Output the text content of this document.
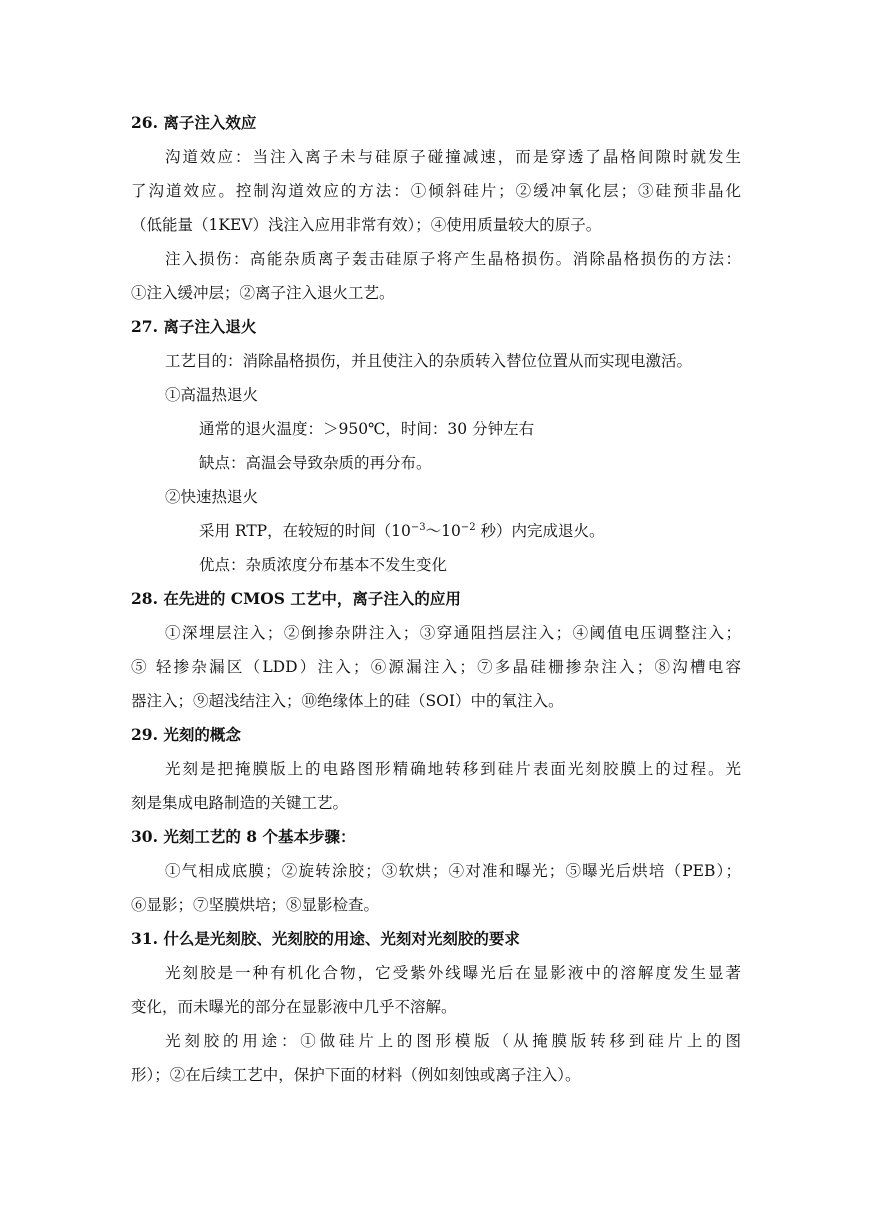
26. 离子注入效应
沟道效应：当注入离子未与硅原子碰撞减速，而是穿透了晶格间隙时就发生
了沟道效应。控制沟道效应的方法：①倾斜硅片；②缓冲氧化层；③硅预非晶化
（低能量（1KEV）浅注入应用非常有效）；④使用质量较大的原子。
注入损伤：高能杂质离子轰击硅原子将产生晶格损伤。消除晶格损伤的方法：
①注入缓冲层；②离子注入退火工艺。
27. 离子注入退火
工艺目的：消除晶格损伤，并且使注入的杂质转入替位位置从而实现电激活。
①高温热退火
通常的退火温度：＞950℃，时间：30 分钟左右
缺点：高温会导致杂质的再分布。
②快速热退火
采用 RTP，在较短的时间（$10^{-3}\sim 10^{-2}$ 秒）内完成退火。
优点：杂质浓度分布基本不发生变化
28. 在先进的 CMOS 工艺中，离子注入的应用
①深埋层注入；②倒掺杂阱注入；③穿通阻挡层注入；④阈值电压调整注入；
⑤ 轻掺杂漏区（LDD）注入；⑥源漏注入；⑦多晶硅栅掺杂注入；⑧沟槽电容
器注入；⑨超浅结注入；⑩绝缘体上的硅（SOI）中的氧注入。
29. 光刻的概念
光刻是把掩膜版上的电路图形精确地转移到硅片表面光刻胶膜上的过程。光
刻是集成电路制造的关键工艺。
30. 光刻工艺的 8 个基本步骤：
①气相成底膜；②旋转涂胶；③软烘；④对准和曝光；⑤曝光后烘培（PEB）；
⑥显影；⑦坚膜烘培；⑧显影检查。
31. 什么是光刻胶、光刻胶的用途、光刻对光刻胶的要求
光刻胶是一种有机化合物，它受紫外线曝光后在显影液中的溶解度发生显著
变化，而未曝光的部分在显影液中几乎不溶解。
光刻胶的用途：①做硅片上的图形模版（从掩膜版转移到硅片上的图
形）；②在后续工艺中，保护下面的材料（例如刻蚀或离子注入）。
